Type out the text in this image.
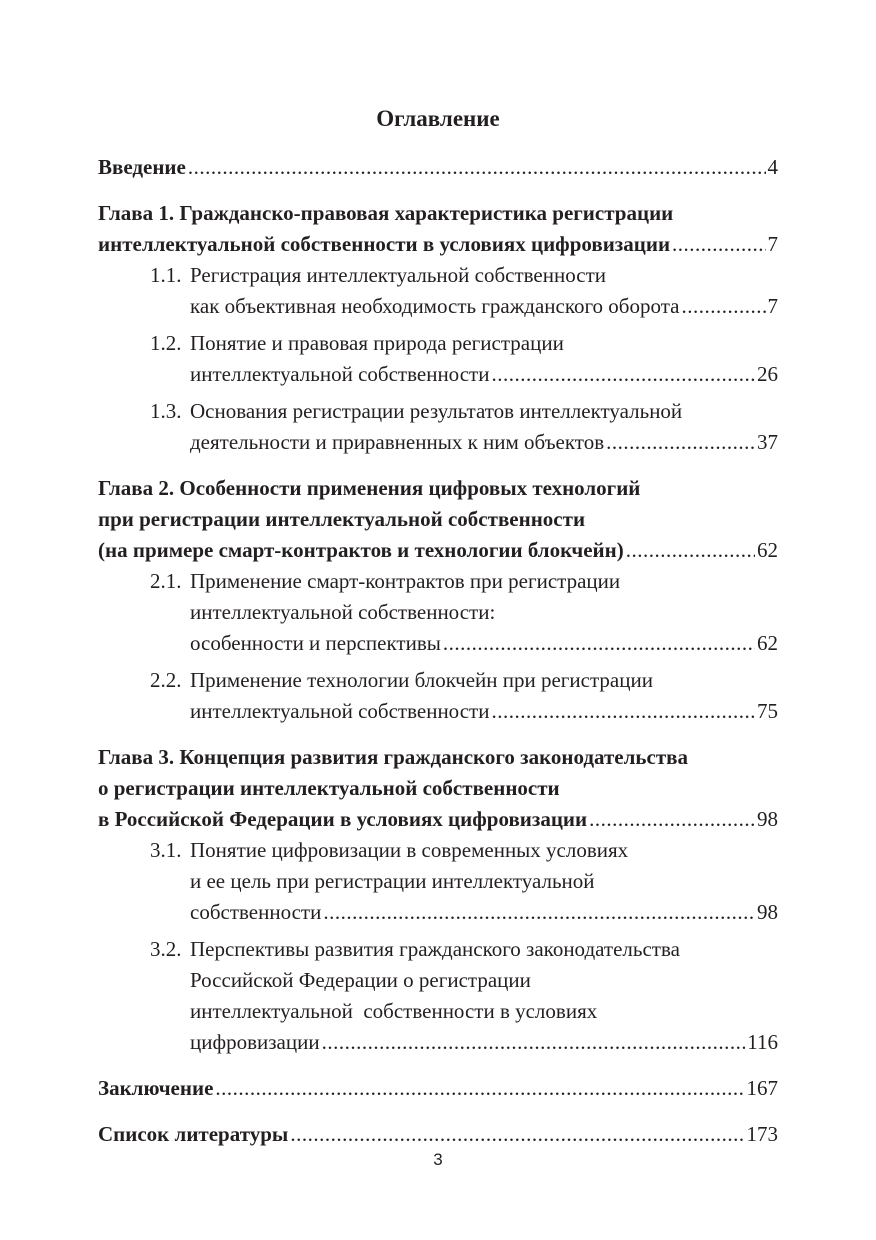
Оглавление
Введение .....	4
Глава 1. Гражданско-правовая характеристика регистрации
интеллектуальной собственности в условиях цифровизации .....	7
1.1. Регистрация интеллектуальной собственности
как объективная необходимость гражданского оборота .....	7
1.2. Понятие и правовая природа регистрации
интеллектуальной собственности .....	26
1.3. Основания регистрации результатов интеллектуальной
деятельности и приравненных к ним объектов .....	37
Глава 2. Особенности применения цифровых технологий
при регистрации интеллектуальной собственности
(на примере смарт-контрактов и технологии блокчейн) .....	62
2.1. Применение смарт-контрактов при регистрации
интеллектуальной собственности:
особенности и перспективы .....	62
2.2. Применение технологии блокчейн при регистрации
интеллектуальной собственности .....	75
Глава 3. Концепция развития гражданского законодательства
о регистрации интеллектуальной собственности
в Российской Федерации в условиях цифровизации .....	98
3.1. Понятие цифровизации в современных условиях
и ее цель при регистрации интеллектуальной
собственности .....	98
3.2. Перспективы развития гражданского законодательства
Российской Федерации о регистрации
интеллектуальной  собственности в условиях
цифровизации .....	116
Заключение .....	167
Список литературы .....	173
3
